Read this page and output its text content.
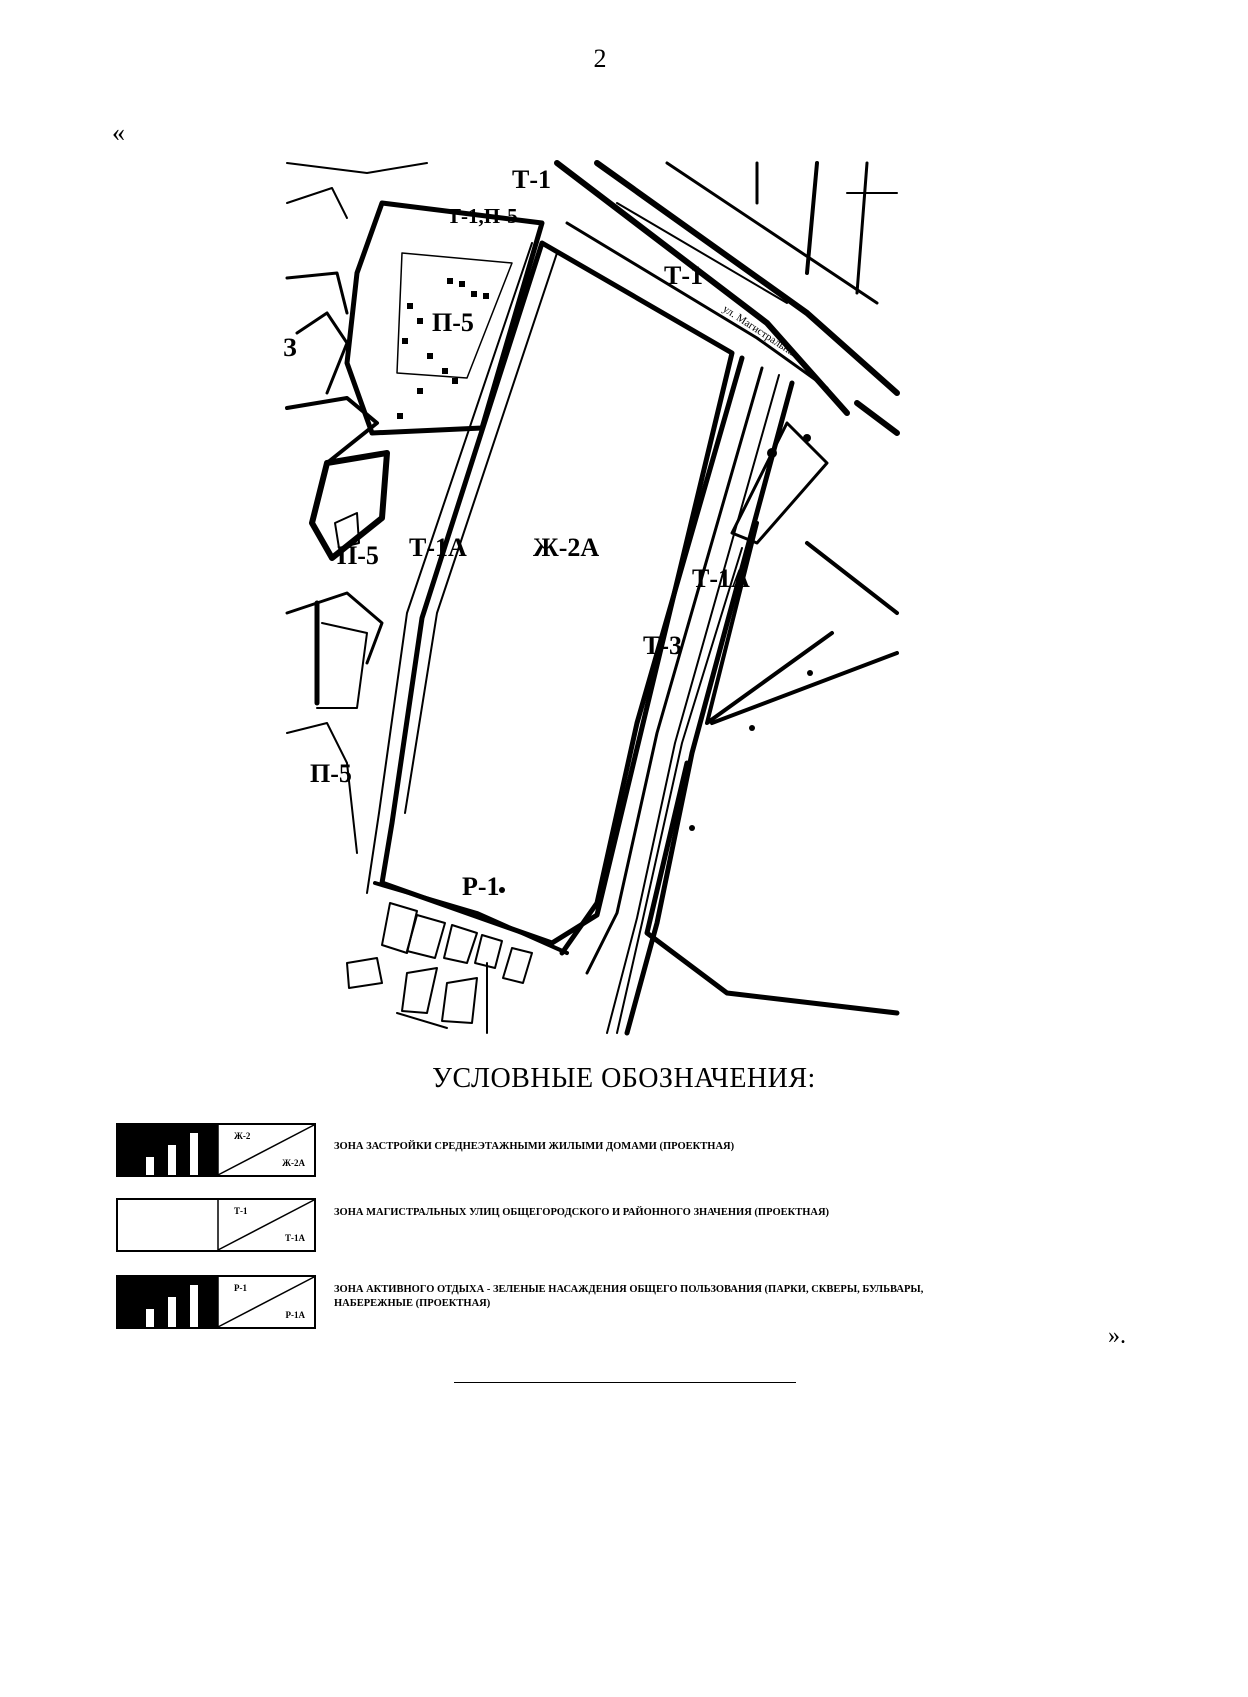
2
«
Т-1
Т-1,П-5
Т-1
П-5
П-5
П-5
Т-1А	Ж-2А
Т-1А
Т-3
Р-1
З	ул. Магистральная
УСЛОВНЫЕ ОБОЗНАЧЕНИЯ:
Ж-2
Ж-2А
ЗОНА ЗАСТРОЙКИ СРЕДНЕЭТАЖНЫМИ ЖИЛЫМИ ДОМАМИ (ПРОЕКТНАЯ)
Т-1
Т-1А
ЗОНА МАГИСТРАЛЬНЫХ УЛИЦ ОБЩЕГОРОДСКОГО И РАЙОННОГО ЗНАЧЕНИЯ (ПРОЕКТНАЯ)
Р-1
Р-1А
ЗОНА АКТИВНОГО ОТДЫХА - ЗЕЛЕНЫЕ НАСАЖДЕНИЯ ОБЩЕГО ПОЛЬЗОВАНИЯ (ПАРКИ, СКВЕРЫ, БУЛЬВАРЫ, НАБЕРЕЖНЫЕ (ПРОЕКТНАЯ)
».
